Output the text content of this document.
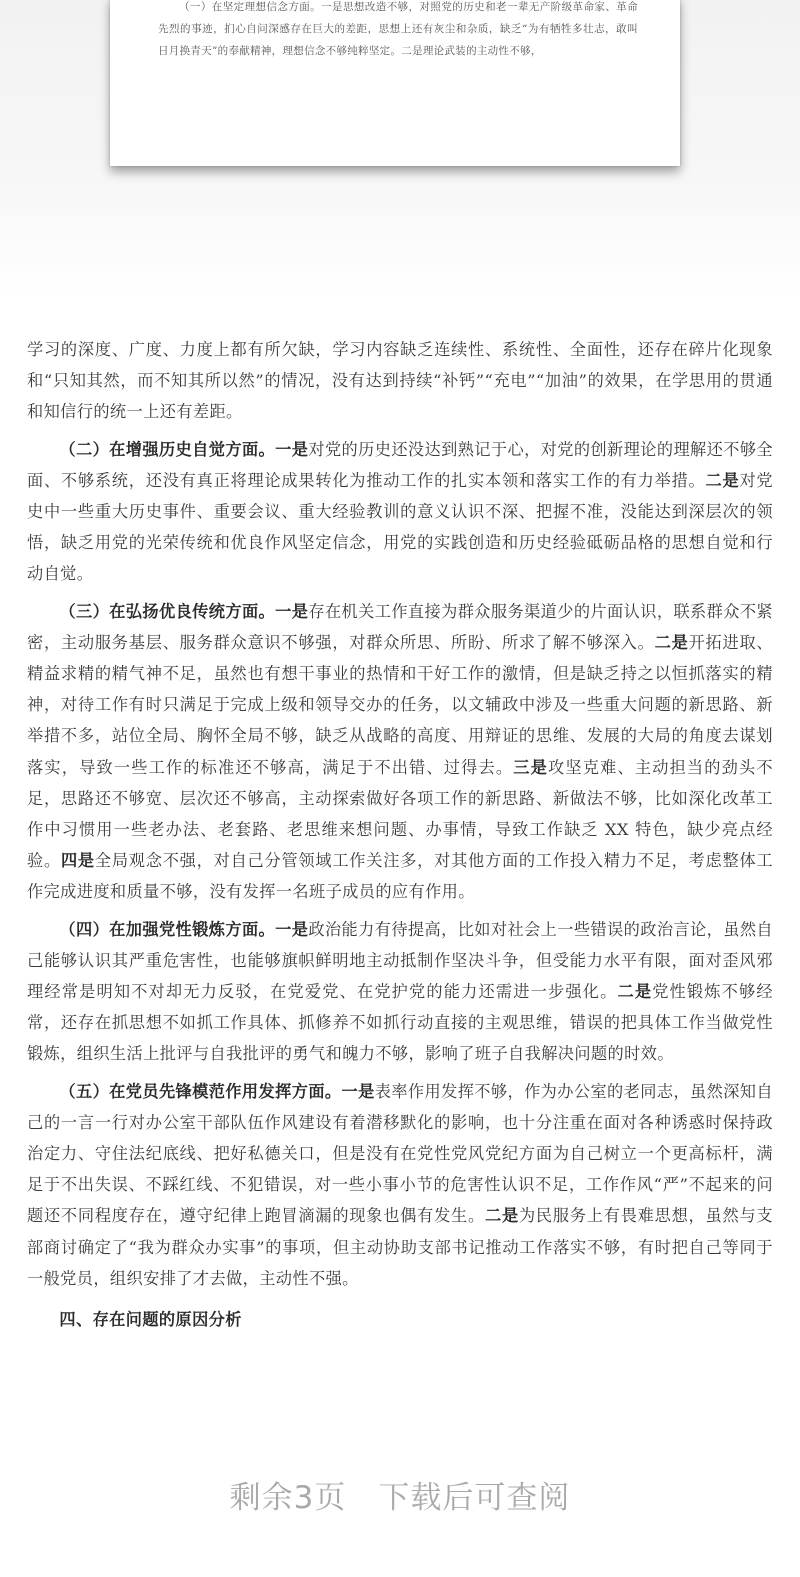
（一）在坚定理想信念方面。一是思想改造不够，对照党的历史和老一辈无产阶级革命家、革命先烈的事迹，扪心自问深感存在巨大的差距，思想上还有灰尘和杂质，缺乏“为有牺牲多壮志，敢叫日月换青天”的奉献精神，理想信念不够纯粹坚定。二是理论武装的主动性不够，

学习的深度、广度、力度上都有所欠缺，学习内容缺乏连续性、系统性、全面性，还存在碎片化现象和“只知其然，而不知其所以然”的情况，没有达到持续“补钙”“充电”“加油”的效果，在学思用的贯通和知信行的统一上还有差距。

（二）在增强历史自觉方面。一是对党的历史还没达到熟记于心，对党的创新理论的理解还不够全面、不够系统，还没有真正将理论成果转化为推动工作的扎实本领和落实工作的有力举措。二是对党史中一些重大历史事件、重要会议、重大经验教训的意义认识不深、把握不准，没能达到深层次的领悟，缺乏用党的光荣传统和优良作风坚定信念，用党的实践创造和历史经验砥砺品格的思想自觉和行动自觉。

（三）在弘扬优良传统方面。一是存在机关工作直接为群众服务渠道少的片面认识，联系群众不紧密，主动服务基层、服务群众意识不够强，对群众所思、所盼、所求了解不够深入。二是开拓进取、精益求精的精气神不足，虽然也有想干事业的热情和干好工作的激情，但是缺乏持之以恒抓落实的精神，对待工作有时只满足于完成上级和领导交办的任务，以文辅政中涉及一些重大问题的新思路、新举措不多，站位全局、胸怀全局不够，缺乏从战略的高度、用辩证的思维、发展的大局的角度去谋划落实，导致一些工作的标准还不够高，满足于不出错、过得去。三是攻坚克难、主动担当的劲头不足，思路还不够宽、层次还不够高，主动探索做好各项工作的新思路、新做法不够，比如深化改革工作中习惯用一些老办法、老套路、老思维来想问题、办事情，导致工作缺乏 XX 特色，缺少亮点经验。四是全局观念不强，对自己分管领域工作关注多，对其他方面的工作投入精力不足，考虑整体工作完成进度和质量不够，没有发挥一名班子成员的应有作用。

（四）在加强党性锻炼方面。一是政治能力有待提高，比如对社会上一些错误的政治言论，虽然自己能够认识其严重危害性，也能够旗帜鲜明地主动抵制作坚决斗争，但受能力水平有限，面对歪风邪理经常是明知不对却无力反驳，在党爱党、在党护党的能力还需进一步强化。二是党性锻炼不够经常，还存在抓思想不如抓工作具体、抓修养不如抓行动直接的主观思维，错误的把具体工作当做党性锻炼，组织生活上批评与自我批评的勇气和魄力不够，影响了班子自我解决问题的时效。

（五）在党员先锋模范作用发挥方面。一是表率作用发挥不够，作为办公室的老同志，虽然深知自己的一言一行对办公室干部队伍作风建设有着潜移默化的影响，也十分注重在面对各种诱惑时保持政治定力、守住法纪底线、把好私德关口，但是没有在党性党风党纪方面为自己树立一个更高标杆，满足于不出失误、不踩红线、不犯错误，对一些小事小节的危害性认识不足，工作作风“严”不起来的问题还不同程度存在，遵守纪律上跑冒滴漏的现象也偶有发生。二是为民服务上有畏难思想，虽然与支部商讨确定了“我为群众办实事”的事项，但主动协助支部书记推动工作落实不够，有时把自己等同于一般党员，组织安排了才去做，主动性不强。

四、存在问题的原因分析

剩余3页　下载后可查阅
